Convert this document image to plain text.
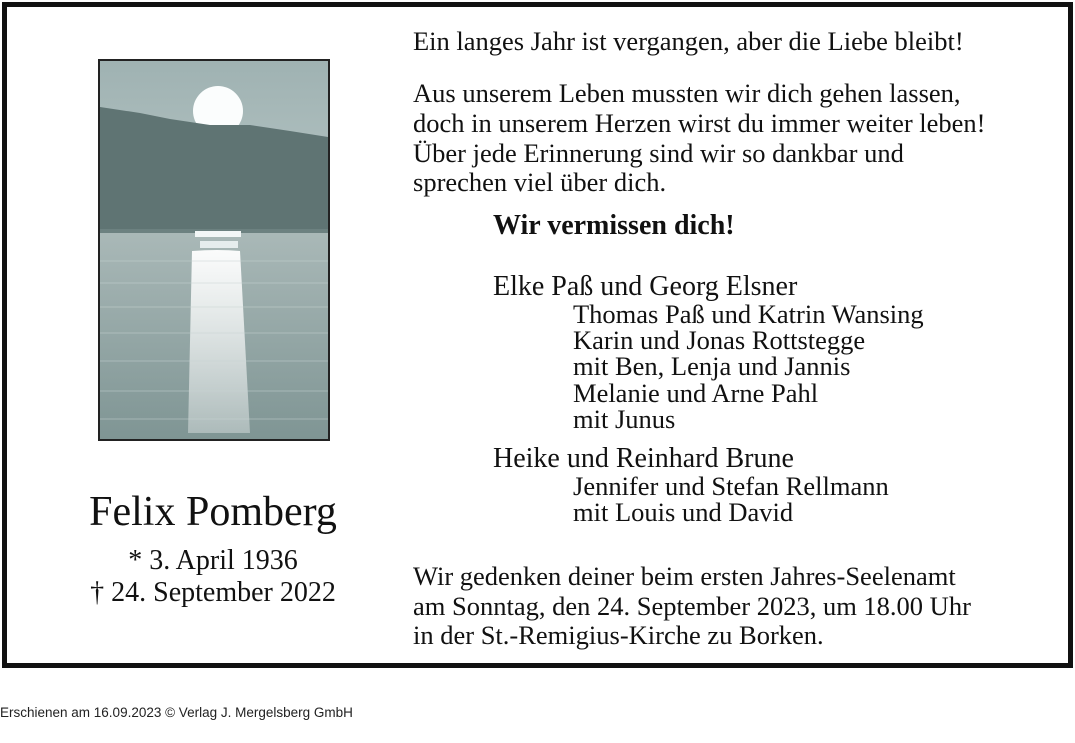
Felix Pomberg
* 3. April 1936
† 24. September 2022
Ein langes Jahr ist vergangen, aber die Liebe bleibt!
Aus unserem Leben mussten wir dich gehen lassen,
doch in unserem Herzen wirst du immer weiter leben!
Über jede Erinnerung sind wir so dankbar und
sprechen viel über dich.
Wir vermissen dich!
Elke Paß und Georg Elsner
Thomas Paß und Katrin Wansing
Karin und Jonas Rottstegge
mit Ben, Lenja und Jannis
Melanie und Arne Pahl
mit Junus
Heike und Reinhard Brune
Jennifer und Stefan Rellmann
mit Louis und David
Wir gedenken deiner beim ersten Jahres-Seelenamt
am Sonntag, den 24. September 2023, um 18.00 Uhr
in der St.-Remigius-Kirche zu Borken.
Erschienen am 16.09.2023 © Verlag J. Mergelsberg GmbH
